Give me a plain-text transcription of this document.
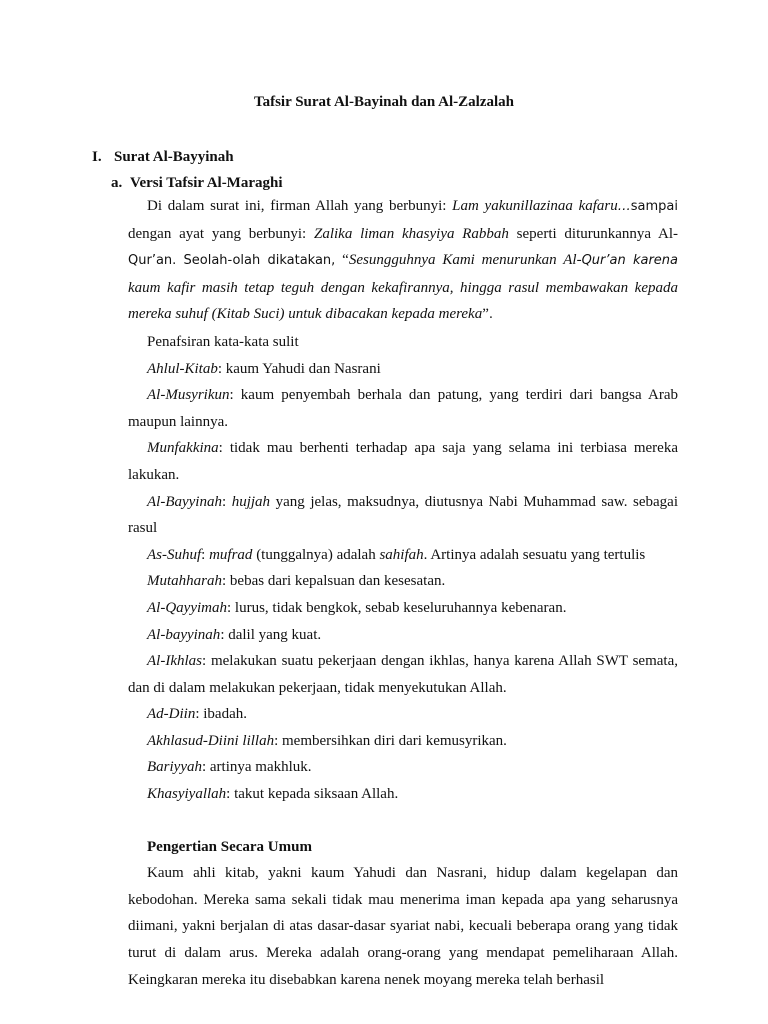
Tafsir Surat Al-Bayinah dan Al-Zalzalah
I. Surat Al-Bayyinah
a. Versi Tafsir Al-Maraghi

Di dalam surat ini, firman Allah yang berbunyi: Lam yakunillazinaa kafaru…sampai dengan ayat yang berbunyi: Zalika liman khasyiya Rabbah seperti diturunkannya Al-Qur’an. Seolah-olah dikatakan, “Sesungguhnya Kami menurunkan Al-Qur’an karena kaum kafir masih tetap teguh dengan kekafirannya, hingga rasul membawakan kepada mereka suhuf (Kitab Suci) untuk dibacakan kepada mereka”.

Penafsiran kata-kata sulit

Ahlul-Kitab: kaum Yahudi dan Nasrani

Al-Musyrikun: kaum penyembah berhala dan patung, yang terdiri dari bangsa Arab maupun lainnya.

Munfakkina: tidak mau berhenti terhadap apa saja yang selama ini terbiasa mereka lakukan.

Al-Bayyinah: hujjah yang jelas, maksudnya, diutusnya Nabi Muhammad saw. sebagai rasul

As-Suhuf: mufrad (tunggalnya) adalah sahifah. Artinya adalah sesuatu yang tertulis

Mutahharah: bebas dari kepalsuan dan kesesatan.

Al-Qayyimah: lurus, tidak bengkok, sebab keseluruhannya kebenaran.

Al-bayyinah: dalil yang kuat.

Al-Ikhlas: melakukan suatu pekerjaan dengan ikhlas, hanya karena Allah SWT semata, dan di dalam melakukan pekerjaan, tidak menyekutukan Allah.

Ad-Diin: ibadah.

Akhlasud-Diini lillah: membersihkan diri dari kemusyrikan.

Bariyyah: artinya makhluk.

Khasyiyallah: takut kepada siksaan Allah.

Pengertian Secara Umum

Kaum ahli kitab, yakni kaum Yahudi dan Nasrani, hidup dalam kegelapan dan kebodohan. Mereka sama sekali tidak mau menerima iman kepada apa yang seharusnya diimani, yakni berjalan di atas dasar-dasar syariat nabi, kecuali beberapa orang yang tidak turut di dalam arus. Mereka adalah orang-orang yang mendapat pemeliharaan Allah. Keingkaran mereka itu disebabkan karena nenek moyang mereka telah berhasil
